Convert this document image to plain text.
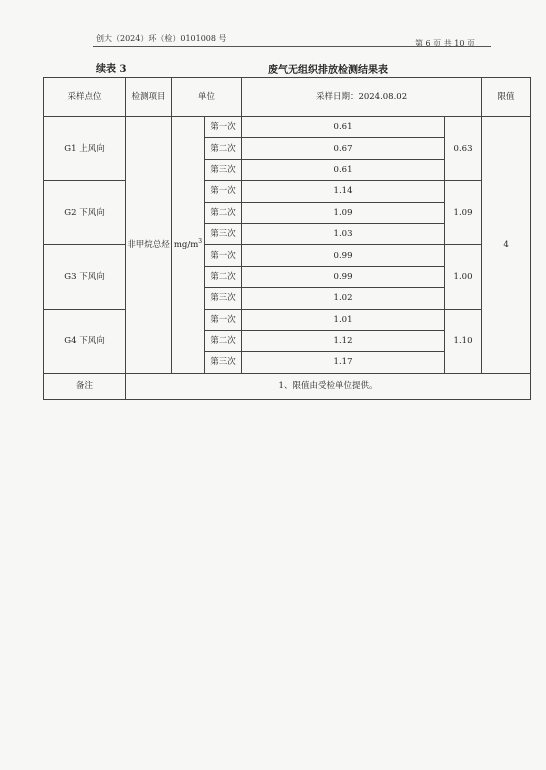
创大（2024）环（检）0101008 号
第 6 页 共 10 页
续表 3	废气无组织排放检测结果表
采样点位	检测项目	单位		采样日期：2024.08.02		限值
G1 上风向	非甲烷总烃	$mg/m^3$	第一次	0.61	0.63	4
			第二次	0.67		
			第三次	0.61		
G2 下风向			第一次	1.14	1.09	
			第二次	1.09		
			第三次	1.03		
G3 下风向			第一次	0.99	1.00	
			第二次	0.99		
			第三次	1.02		
G4 下风向			第一次	1.01	1.10	
			第二次	1.12		
			第三次	1.17		
备注	1、限值由受检单位提供。					
